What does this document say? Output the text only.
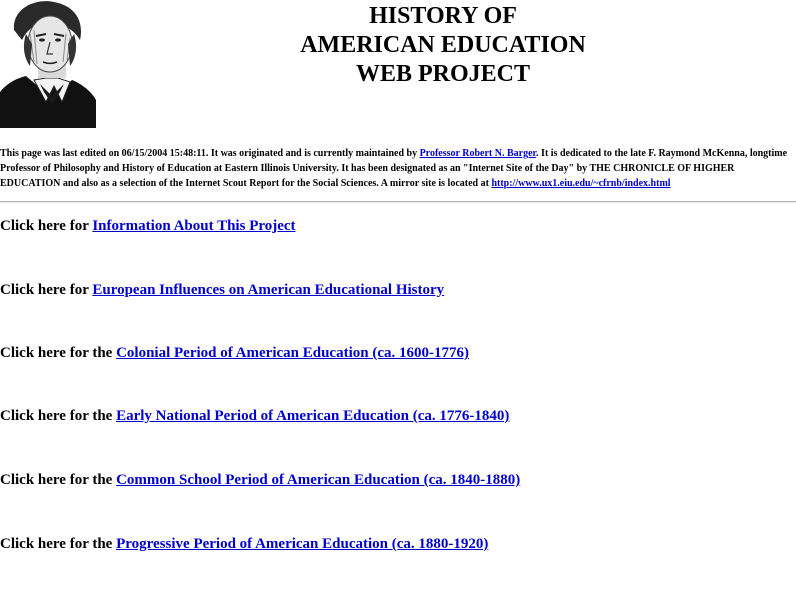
HISTORY OF
AMERICAN EDUCATION
WEB PROJECT
This page was last edited on 06/15/2004 15:48:11. It was originated and is currently maintained by Professor Robert N. Barger. It is dedicated to the late F. Raymond McKenna, longtime Professor of Philosophy and History of Education at Eastern Illinois University. It has been designated as an "Internet Site of the Day" by THE CHRONICLE OF HIGHER EDUCATION and also as a selection of the Internet Scout Report for the Social Sciences. A mirror site is located at http://www.ux1.eiu.edu/~cfrnb/index.html
Click here for Information About This Project
Click here for European Influences on American Educational History
Click here for the Colonial Period of American Education (ca. 1600-1776)
Click here for the Early National Period of American Education (ca. 1776-1840)
Click here for the Common School Period of American Education (ca. 1840-1880)
Click here for the Progressive Period of American Education (ca. 1880-1920)
